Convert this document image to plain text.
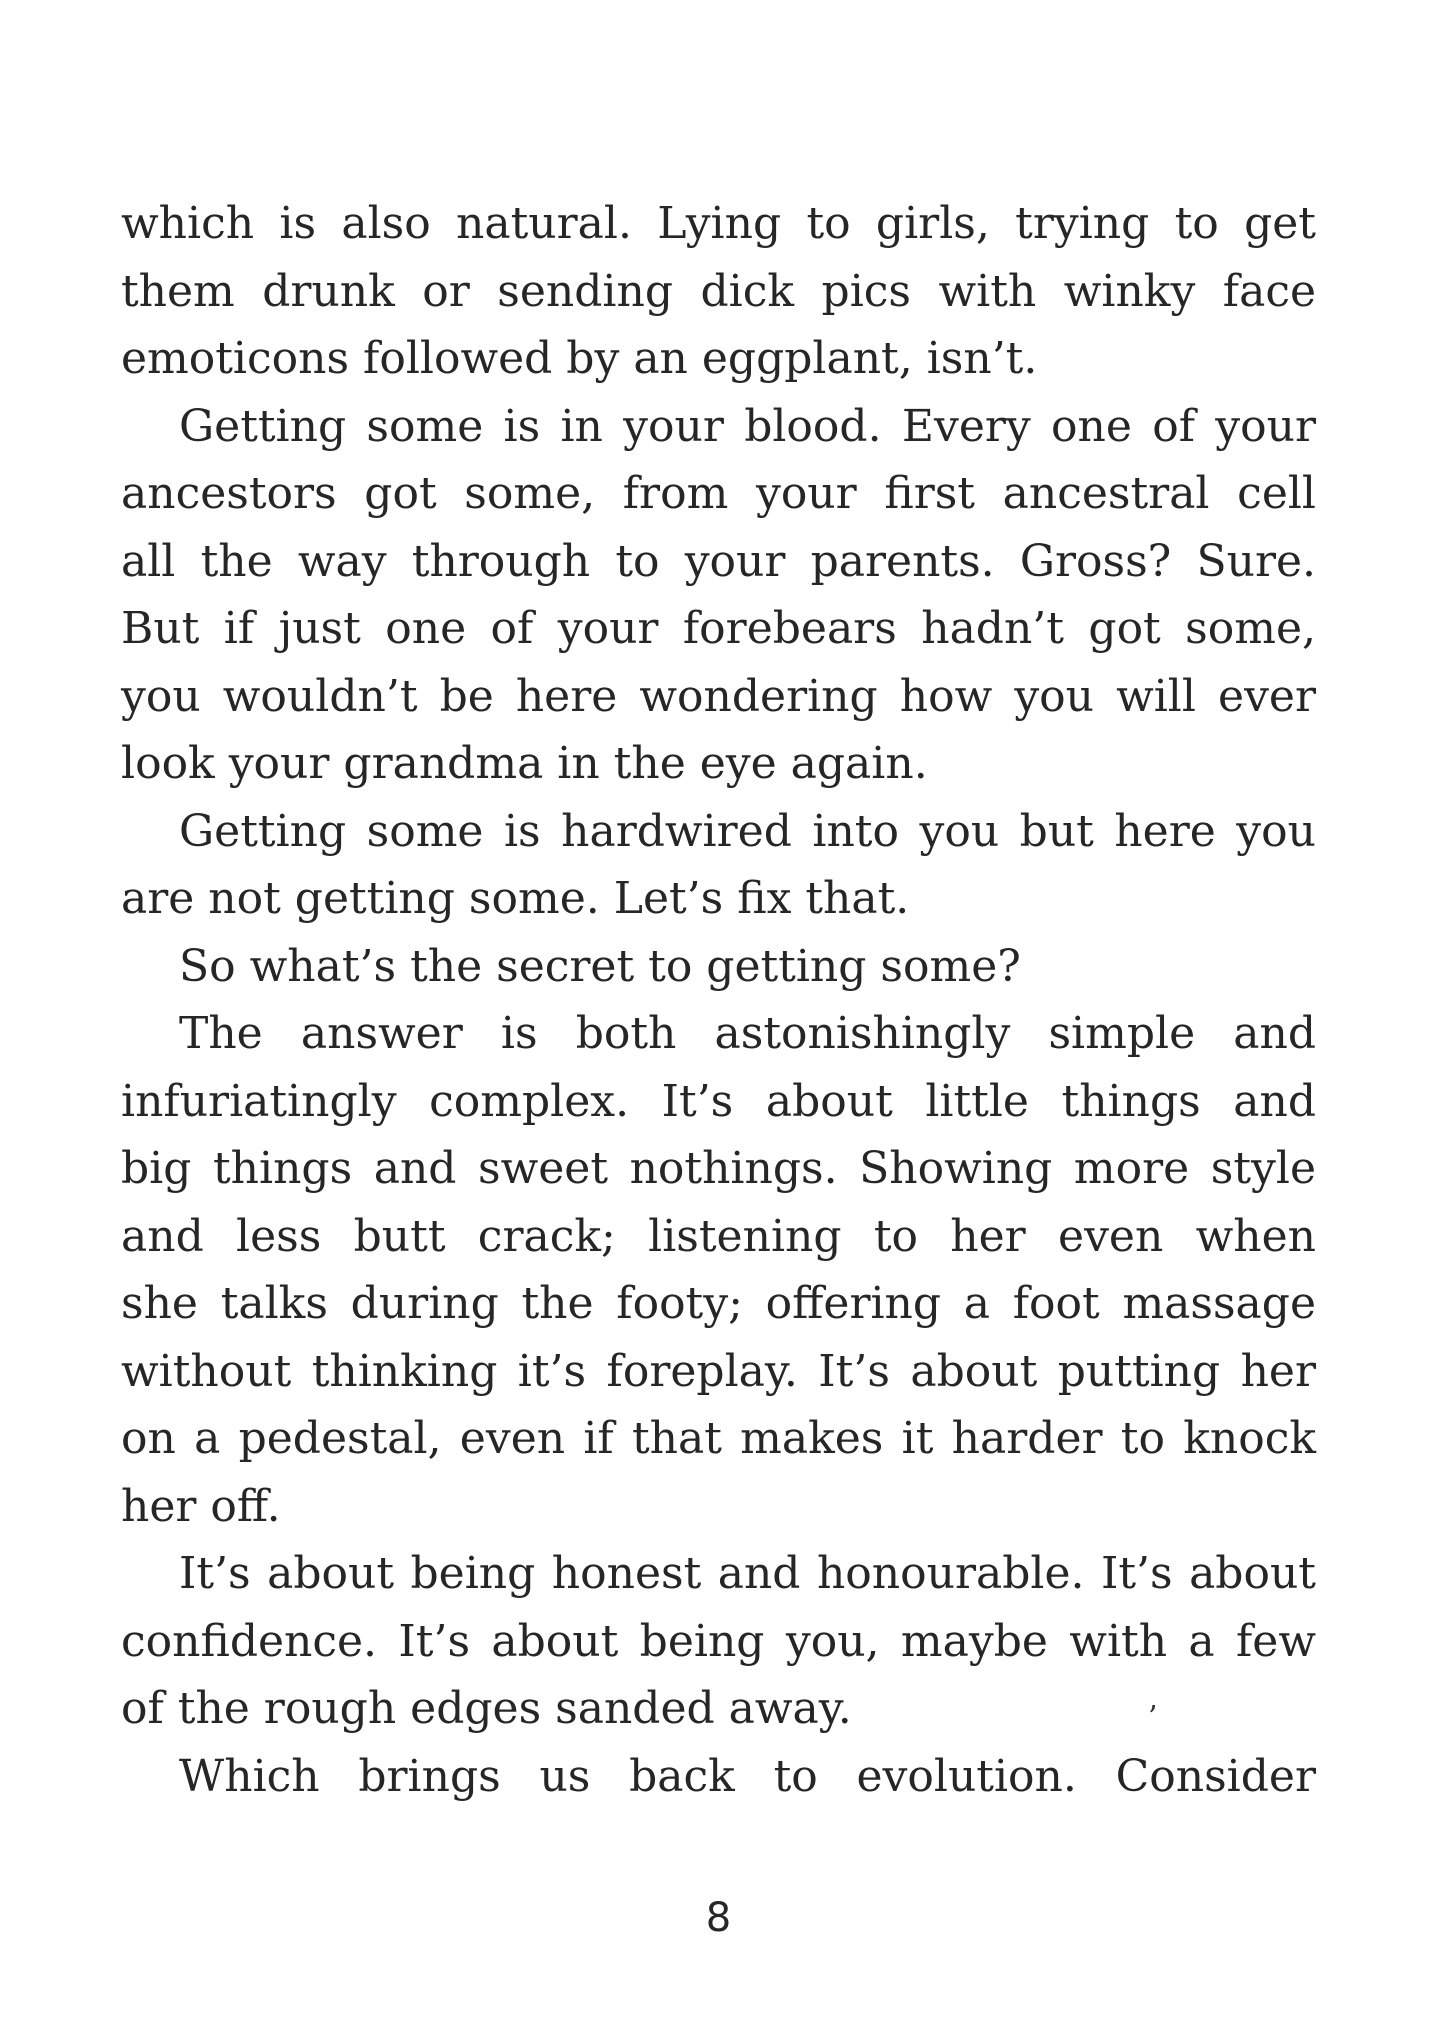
which is also natural. Lying to girls, trying to get
them drunk or sending dick pics with winky face
emoticons followed by an eggplant, isn’t.
Getting some is in your blood. Every one of your
ancestors got some, from your first ancestral cell
all the way through to your parents. Gross? Sure.
But if just one of your forebears hadn’t got some,
you wouldn’t be here wondering how you will ever
look your grandma in the eye again.
Getting some is hardwired into you but here you
are not getting some. Let’s fix that.
So what’s the secret to getting some?
The answer is both astonishingly simple and
infuriatingly complex. It’s about little things and
big things and sweet nothings. Showing more style
and less butt crack; listening to her even when
she talks during the footy; offering a foot massage
without thinking it’s foreplay. It’s about putting her
on a pedestal, even if that makes it harder to knock
her off.
It’s about being honest and honourable. It’s about
confidence. It’s about being you, maybe with a few
of the rough edges sanded away.
Which brings us back to evolution. Consider
’
8
